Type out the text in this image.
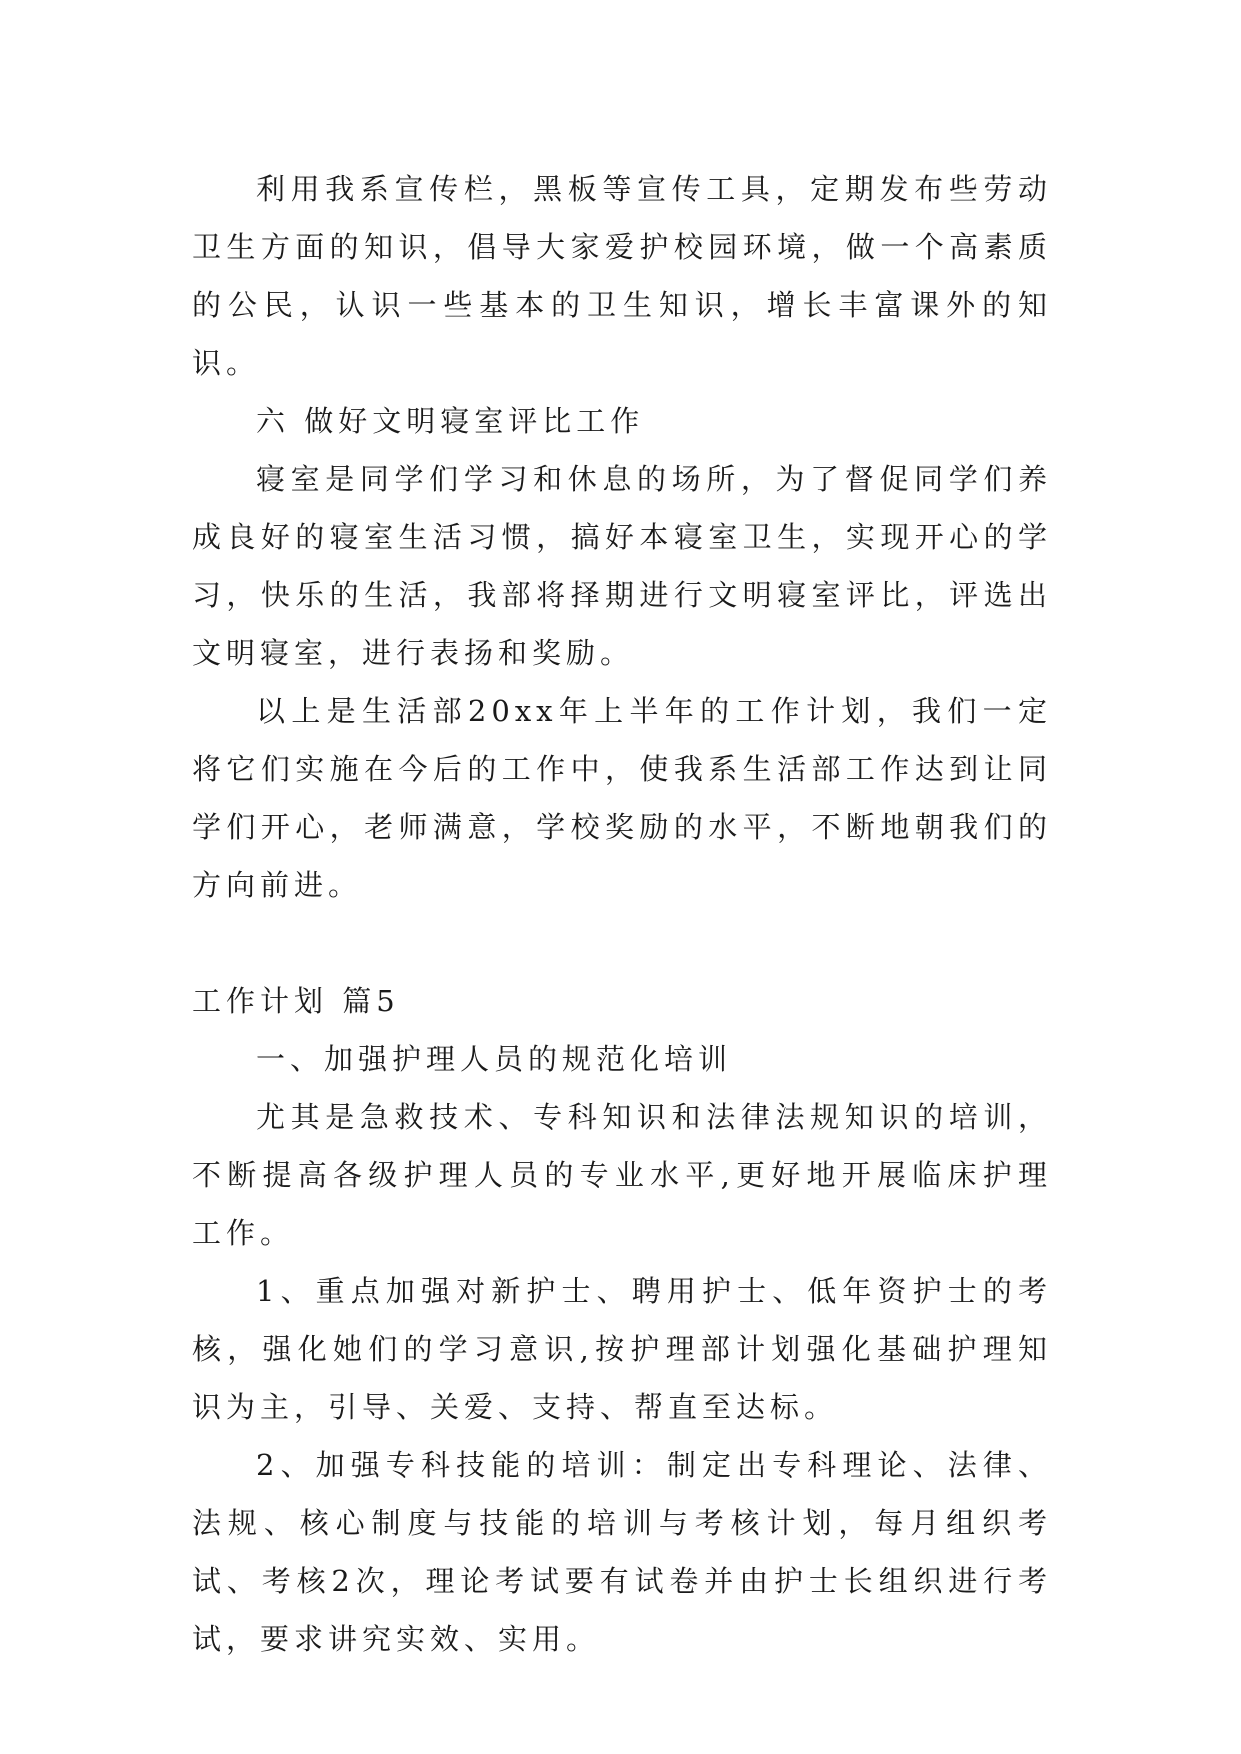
利用我系宣传栏，黑板等宣传工具，定期发布些劳动卫生方面的知识，倡导大家爱护校园环境，做一个高素质的公民，认识一些基本的卫生知识，增长丰富课外的知识。

六 做好文明寝室评比工作

寝室是同学们学习和休息的场所，为了督促同学们养成良好的寝室生活习惯，搞好本寝室卫生，实现开心的学习，快乐的生活，我部将择期进行文明寝室评比，评选出文明寝室，进行表扬和奖励。

以上是生活部20xx年上半年的工作计划，我们一定将它们实施在今后的工作中，使我系生活部工作达到让同学们开心，老师满意，学校奖励的水平，不断地朝我们的方向前进。

工作计划 篇5

一、加强护理人员的规范化培训

尤其是急救技术、专科知识和法律法规知识的培训，不断提高各级护理人员的专业水平,更好地开展临床护理工作。

1、重点加强对新护士、聘用护士、低年资护士的考核，强化她们的学习意识,按护理部计划强化基础护理知识为主，引导、关爱、支持、帮直至达标。

2、加强专科技能的培训：制定出专科理论、法律、法规、核心制度与技能的培训与考核计划，每月组织考试、考核2次，理论考试要有试卷并由护士长组织进行考试，要求讲究实效、实用。
